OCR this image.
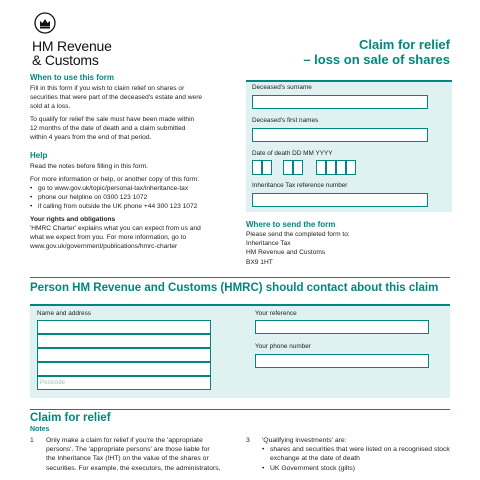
HM Revenue
& Customs
Claim for relief
– loss on sale of shares
When to use this form
Fill in this form if you wish to claim relief on shares or
securities that were part of the deceased's estate and were
sold at a loss.
To qualify for relief the sale must have been made within
12 months of the date of death and a claim submitted
within 4 years from the end of that period.
Help
Read the notes before filling in this form.
For more information or help, or another copy of this form:
• go to www.gov.uk/topic/personal-tax/inheritance-tax
• phone our helpline on 0300 123 1072
• if calling from outside the UK phone +44 300 123 1072
Your rights and obligations
'HMRC Charter' explains what you can expect from us and
what we expect from you. For more information, go to
www.gov.uk/government/publications/hmrc-charter
Deceased's surname
Deceased's first names
Date of death DD MM YYYY
Inheritance Tax reference number
Where to send the form
Please send the completed form to:
Inheritance Tax
HM Revenue and Customs
BX9 1HT
Person HM Revenue and Customs (HMRC) should contact about this claim
Name and address
Postcode
Your reference
Your phone number
Claim for relief
Notes
1 Only make a claim for relief if you're the 'appropriate
persons'. The 'appropriate persons' are those liable for
the Inheritance Tax (IHT) on the value of the shares or
securities. For example, the executors, the administrators,
3 'Qualifying investments' are:
• shares and securities that were listed on a recognised stock exchange at the date of death
• UK Government stock (gilts)
